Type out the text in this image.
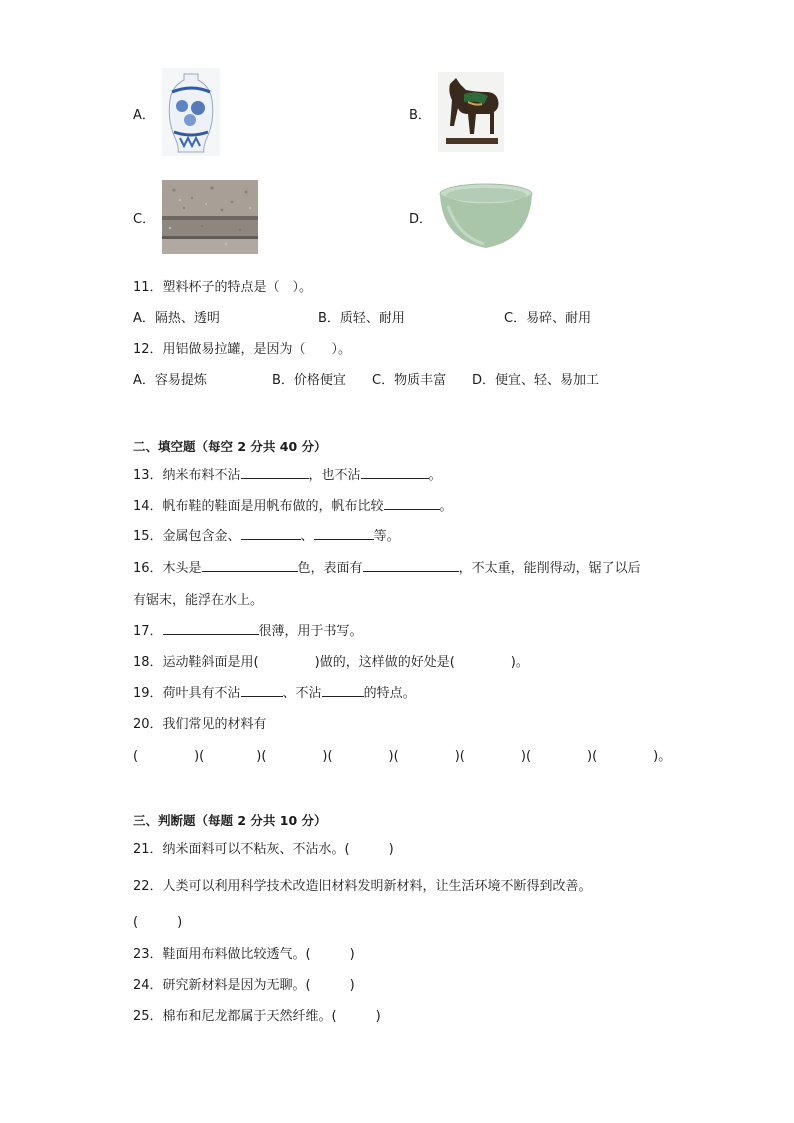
A．	B．
C．	D．
11．塑料杯子的特点是（　）。
A．隔热、透明	B．质轻、耐用	C．易碎、耐用
12．用铝做易拉罐，是因为（　　）。
A．容易提炼	B．价格便宜 C．物质丰富 D．便宜、轻、易加工
二、填空题（每空 2 分共 40 分）
13．纳米布料不沾	，也不沾	。
14．帆布鞋的鞋面是用帆布做的，帆布比较	。
15．金属包含金、	、	等。
16．木头是	色，表面有	，不太重，能削得动，锯了以后
有锯末，能浮在水上。
17．	很薄，用于书写。
18．运动鞋斜面是用(	)做的，这样做的好处是(	)。
19．荷叶具有不沾	、不沾	的特点。
20．我们常见的材料有
(	)(	)(	)(	)(	)(	)(	)(	)。
三、判断题（每题 2 分共 10 分）
21．纳米面料可以不粘灰、不沾水。(　　　)
22．人类可以利用科学技术改造旧材料发明新材料，让生活环境不断得到改善。
(　　　)
23．鞋面用布料做比较透气。(　　　)
24．研究新材料是因为无聊。(　　　)
25．棉布和尼龙都属于天然纤维。(　　　)
